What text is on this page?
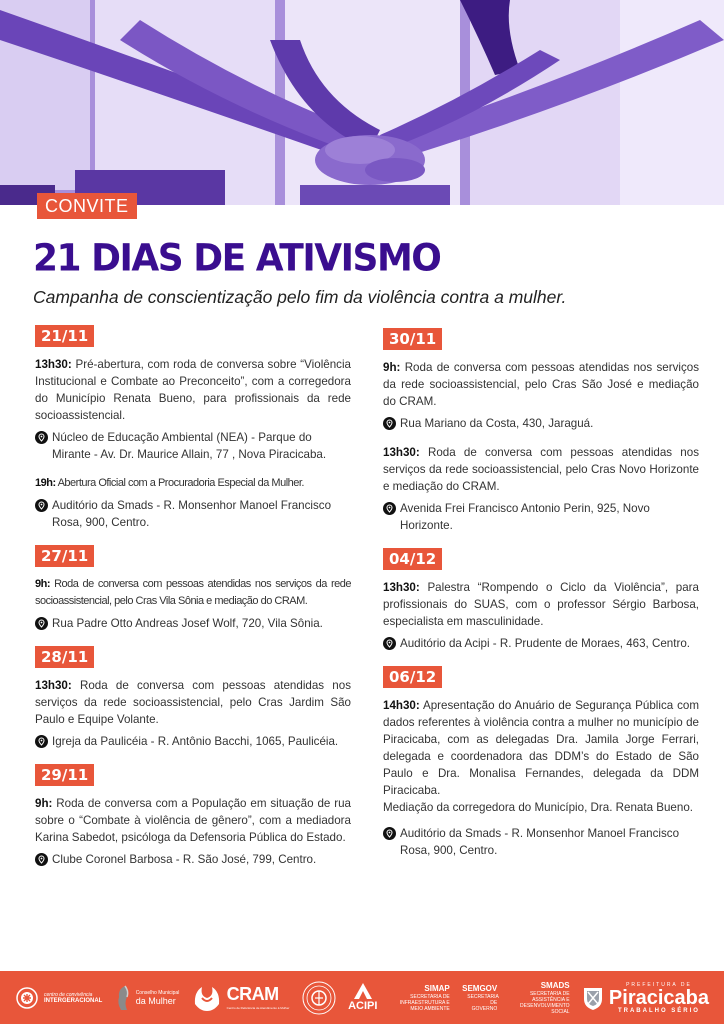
CONVITE
21 DIAS DE ATIVISMO
Campanha de conscientização pelo fim da violência contra a mulher.
21/11
13h30: Pré-abertura, com roda de conversa sobre “Violência Institucional e Combate ao Preconceito”, com a corregedora do Município Renata Bueno, para profissionais da rede socioassistencial.
Núcleo de Educação Ambiental (NEA) - Parque do Mirante - Av. Dr. Maurice Allain, 77 , Nova Piracicaba.
19h: Abertura Oficial com a Procuradoria Especial da Mulher.
Auditório da Smads - R. Monsenhor Manoel Francisco Rosa, 900, Centro.
27/11
9h: Roda de conversa com pessoas atendidas nos serviços da rede socioassistencial, pelo Cras Vila Sônia e mediação do CRAM.
Rua Padre Otto Andreas Josef Wolf, 720, Vila Sônia.
28/11
13h30: Roda de conversa com pessoas atendidas nos serviços da rede socioassistencial, pelo Cras Jardim São Paulo e Equipe Volante.
Igreja da Paulicéia - R. Antônio Bacchi, 1065, Paulicéia.
29/11
9h: Roda de conversa com a População em situação de rua sobre o “Combate à violência de gênero”, com a mediadora Karina Sabedot, psicóloga da Defensoria Pública do Estado.
Clube Coronel Barbosa - R. São José, 799, Centro.
30/11
9h: Roda de conversa com pessoas atendidas nos serviços da rede socioassistencial, pelo Cras São José e mediação do CRAM.
Rua Mariano da Costa, 430, Jaraguá.
13h30: Roda de conversa com pessoas atendidas nos serviços da rede socioassistencial, pelo Cras Novo Horizonte e mediação do CRAM.
Avenida Frei Francisco Antonio Perin, 925, Novo Horizonte.
04/12
13h30: Palestra “Rompendo o Ciclo da Violência”, para profissionais do SUAS, com o professor Sérgio Barbosa, especialista em masculinidade.
Auditório da Acipi - R. Prudente de Moraes, 463, Centro.
06/12
14h30: Apresentação do Anuário de Segurança Pública com dados referentes à violência contra a mulher no município de Piracicaba, com as delegadas Dra. Jamila Jorge Ferrari, delegada e coordenadora das DDM’s do Estado de São Paulo e Dra. Monalisa Fernandes, delegada da DDM Piracicaba.
Mediação da corregedora do Município, Dra. Renata Bueno.
Auditório da Smads - R. Monsenhor Manoel Francisco Rosa, 900, Centro.
centro de convivência
INTERGERACIONAL
Conselho Municipal
da Mulher	CRAM
Centro de Referência de Atendimento à Mulher	ACIPI
SIMAP
SECRETARIA DE INFRAESTRUTURA E MEIO AMBIENTE
SEMGOV
SECRETARIA DE GOVERNO
SMADS
SECRETARIA DE ASSISTÊNCIA E DESENVOLVIMENTO SOCIAL
PREFEITURA DE
Piracicaba
TRABALHO SÉRIO
